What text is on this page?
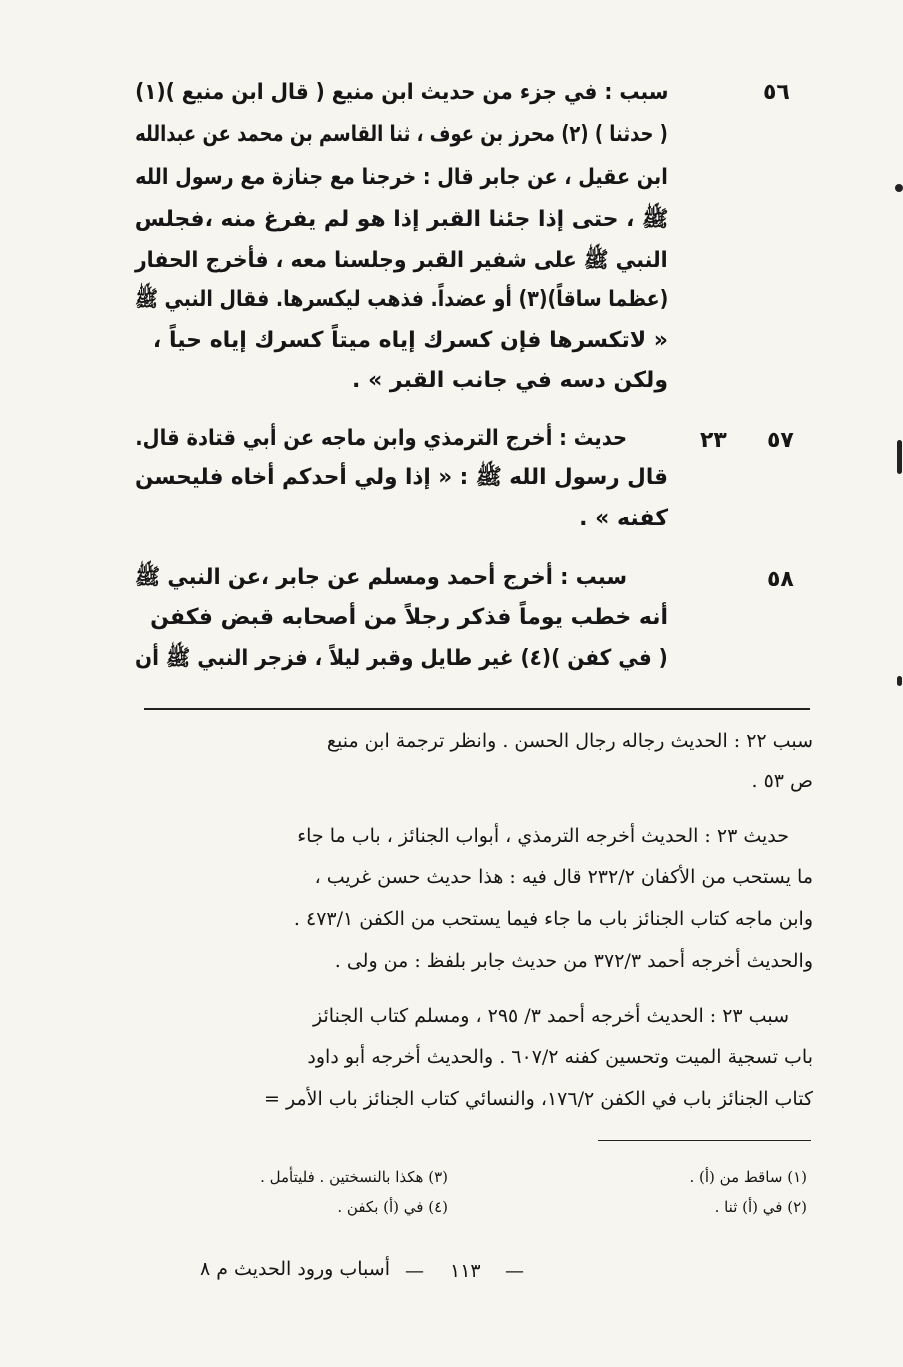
٥٦
سبب : في جزء من حديث ابن منيع ( قال ابن منيع )(١)
( حدثنا ) (٢) محرز بن عوف ، ثنا القاسم بن محمد عن عبدالله
ابن عقيل ، عن جابر قال : خرجنا مع جنازة مع رسول الله
ﷺ ، حتى إذا جئنا القبر إذا هو لم يفرغ منه ،فجلس
النبي ﷺ على شفير القبر وجلسنا معه ، فأخرج الحفار
(عظما ساقاً)(٣) أو عضداً. فذهب ليكسرها. فقال النبي ﷺ
« لاتكسرها فإن كسرك إياه ميتاً كسرك إياه حياً ،
ولكن دسه في جانب القبر » .
٥٧
٢٣
حديث : أخرج الترمذي وابن ماجه عن أبي قتادة قال.
قال رسول الله ﷺ : « إذا ولي أحدكم أخاه فليحسن
كفنه » .
٥٨
سبب : أخرج أحمد ومسلم عن جابر ،عن النبي ﷺ
أنه خطب يوماً فذكر رجلاً من أصحابه قبض فكفن
( في كفن )(٤) غير طايل وقبر ليلاً ، فزجر النبي ﷺ أن
سبب ٢٢ : الحديث رجاله رجال الحسن . وانظر ترجمة ابن منيع
ص ٥٣ .
حديث ٢٣ : الحديث أخرجه الترمذي ، أبواب الجنائز ، باب ما جاء
ما يستحب من الأكفان ٢٣٢/٢ قال فيه : هذا حديث حسن غريب ،
وابن ماجه كتاب الجنائز باب ما جاء فيما يستحب من الكفن ٤٧٣/١ .
والحديث أخرجه أحمد ٣٧٢/٣ من حديث جابر بلفظ : من ولى .
سبب ٢٣ : الحديث أخرجه أحمد ٣/ ٢٩٥ ، ومسلم كتاب الجنائز
باب تسجية الميت وتحسين كفنه ٦٠٧/٢ . والحديث أخرجه أبو داود
كتاب الجنائز باب في الكفن ١٧٦/٢، والنسائي كتاب الجنائز باب الأمر =
(١) ساقط من (أ) .
(٢) في (أ) ثنا .
(٣) هكذا بالنسختين . فليتأمل .
(٤) في (أ) بكفن .
—
١١٣
—
أسباب ورود الحديث م ٨
